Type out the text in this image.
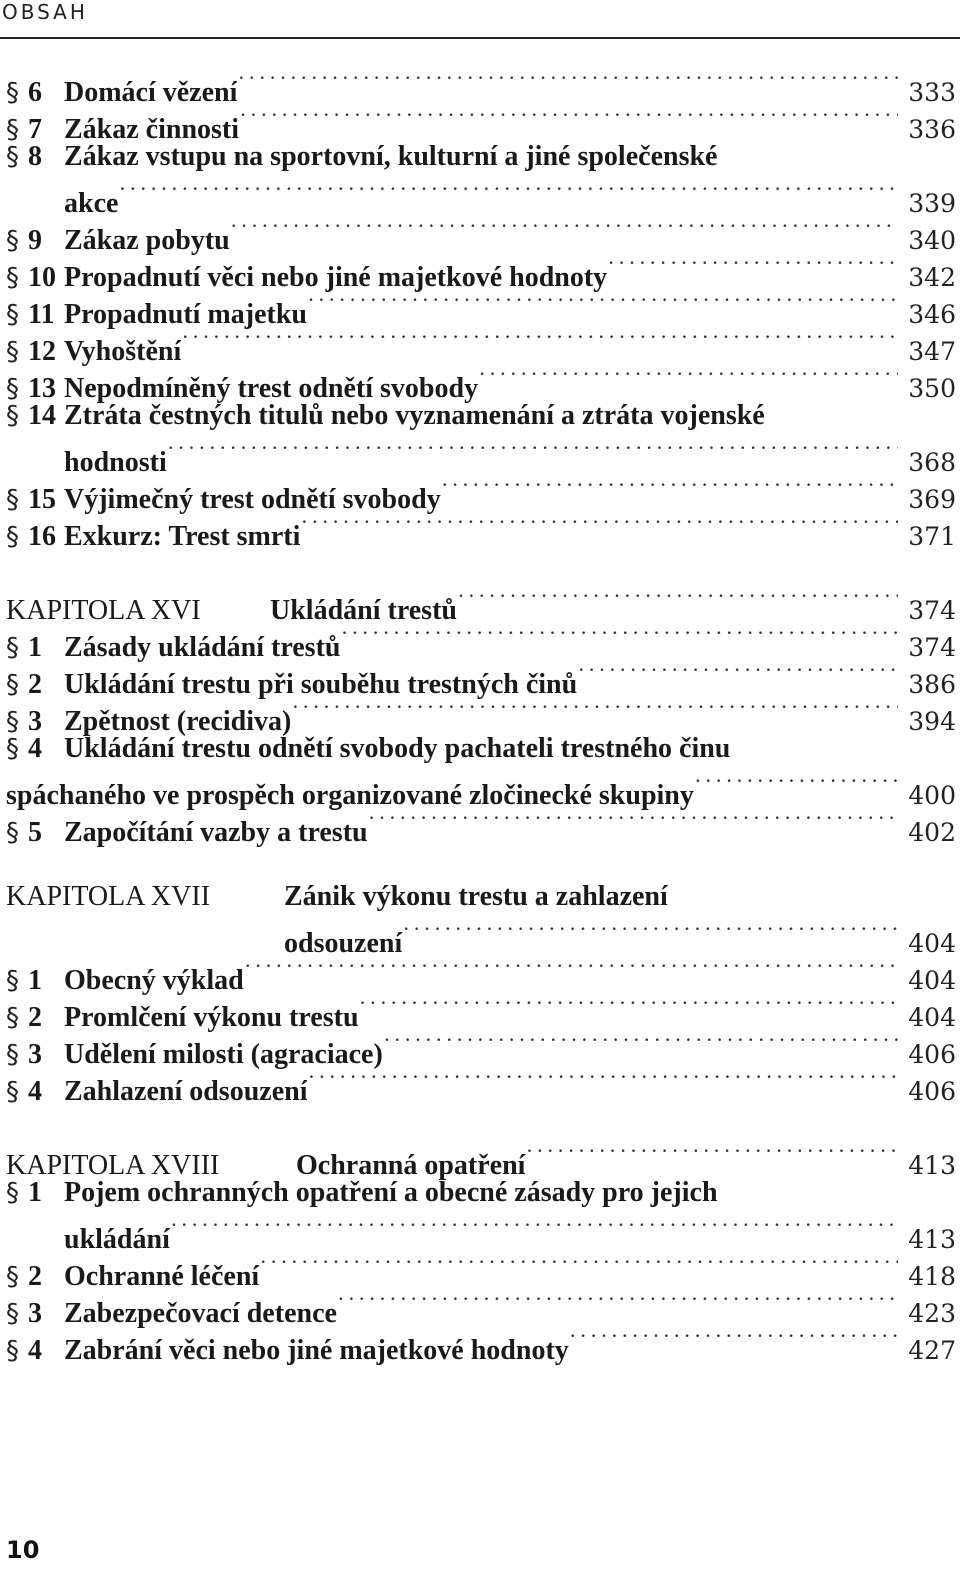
OBSAH
§ 6 Domácí vězení . . .	333
§ 7 Zákaz činnosti . . .	336
§ 8 Zákaz vstupu na sportovní, kulturní a jiné společenské
akce . . .	339
§ 9 Zákaz pobytu . . .	340
§ 10 Propadnutí věci nebo jiné majetkové hodnoty . . .	342
§ 11 Propadnutí majetku . . .	346
§ 12 Vyhoštění . . .	347
§ 13 Nepodmíněný trest odnětí svobody . . .	350
§ 14 Ztráta čestných titulů nebo vyznamenání a ztráta vojenské
hodnosti . . .	368
§ 15 Výjimečný trest odnětí svobody . . .	369
§ 16 Exkurz: Trest smrti . . .	371
KAPITOLA XVI	Ukládání trestů . . .	374
§ 1 Zásady ukládání trestů . . .	374
§ 2 Ukládání trestu při souběhu trestných činů . . .	386
§ 3 Zpětnost (recidiva) . . .	394
§ 4 Ukládání trestu odnětí svobody pachateli trestného činu
spáchaného ve prospěch organizované zločinecké skupiny . . .	400
§ 5 Započítání vazby a trestu . . .	402
KAPITOLA XVII	Zánik výkonu trestu a zahlazení
odsouzení . . .	404
§ 1 Obecný výklad . . .	404
§ 2 Promlčení výkonu trestu . . .	404
§ 3 Udělení milosti (agraciace) . . .	406
§ 4 Zahlazení odsouzení . . .	406
KAPITOLA XVIII	Ochranná opatření . . .	413
§ 1 Pojem ochranných opatření a obecné zásady pro jejich
ukládání . . .	413
§ 2 Ochranné léčení . . .	418
§ 3 Zabezpečovací detence . . .	423
§ 4 Zabrání věci nebo jiné majetkové hodnoty . . .	427
10
